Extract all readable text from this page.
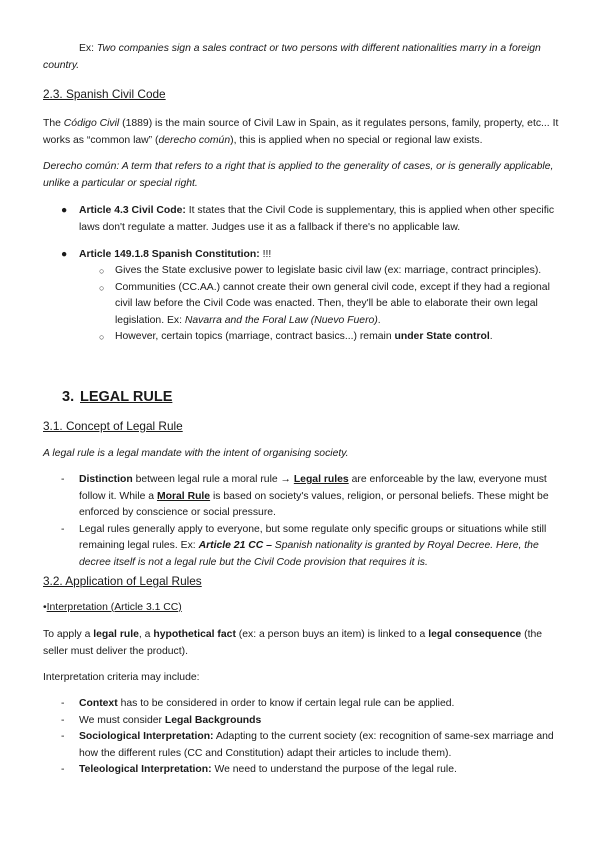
Ex: Two companies sign a sales contract or two persons with different nationalities marry in a foreign country.

2.3. Spanish Civil Code

The Código Civil (1889) is the main source of Civil Law in Spain, as it regulates persons, family, property, etc... It works as “common law” (derecho común), this is applied when no special or regional law exists.

Derecho común: A term that refers to a right that is applied to the generality of cases, or is generally applicable, unlike a particular or special right.

● Article 4.3 Civil Code: It states that the Civil Code is supplementary, this is applied when other specific laws don't regulate a matter. Judges use it as a fallback if there's no applicable law.
● Article 149.1.8 Spanish Constitution: !!!
○ Gives the State exclusive power to legislate basic civil law (ex: marriage, contract principles).
○ Communities (CC.AA.) cannot create their own general civil code, except if they had a regional civil law before the Civil Code was enacted. Then, they'll be able to elaborate their own legal legislation. Ex: Navarra and the Foral Law (Nuevo Fuero).
○ However, certain topics (marriage, contract basics...) remain under State control.
3. LEGAL RULE
3.1. Concept of Legal Rule

A legal rule is a legal mandate with the intent of organising society.

- Distinction between legal rule a moral rule → Legal rules are enforceable by the law, everyone must follow it. While a Moral Rule is based on society's values, religion, or personal beliefs. These might be enforced by conscience or social pressure.
- Legal rules generally apply to everyone, but some regulate only specific groups or situations while still remaining legal rules. Ex: Article 21 CC – Spanish nationality is granted by Royal Decree. Here, the decree itself is not a legal rule but the Civil Code provision that requires it is.
3.2. Application of Legal Rules

•Interpretation (Article 3.1 CC)

To apply a legal rule, a hypothetical fact (ex: a person buys an item) is linked to a legal consequence (the seller must deliver the product).

Interpretation criteria may include:

- Context has to be considered in order to know if certain legal rule can be applied.
- We must consider Legal Backgrounds
- Sociological Interpretation: Adapting to the current society (ex: recognition of same-sex marriage and how the different rules (CC and Constitution) adapt their articles to include them).
- Teleological Interpretation: We need to understand the purpose of the legal rule.
